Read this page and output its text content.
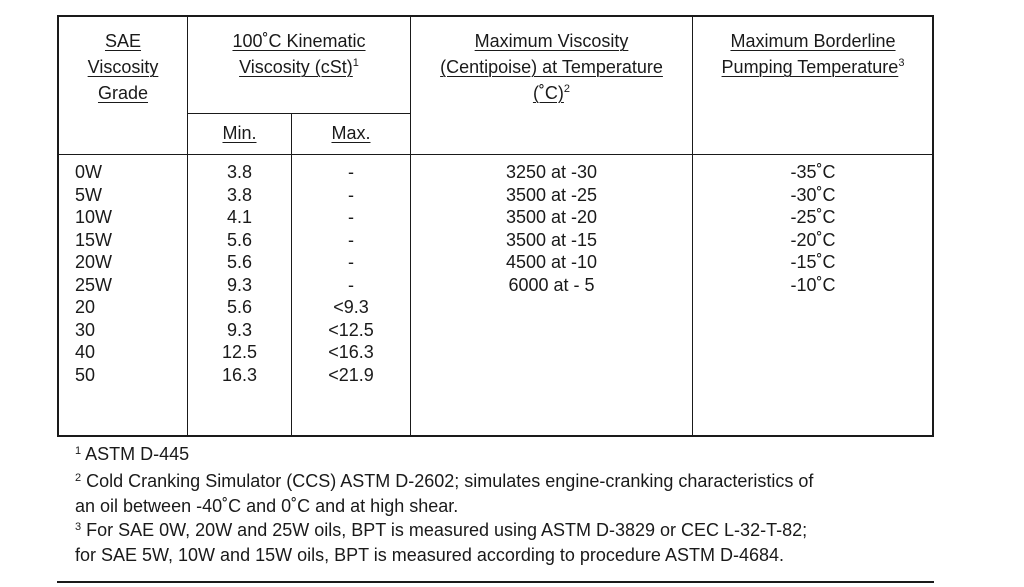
SAE
Viscosity
Grade
100˚C Kinematic
Viscosity (cSt)$^1$
Min.	Max.
Maximum Viscosity
(Centipoise) at Temperature
(˚C)$^2$
Maximum Borderline
Pumping Temperature$^3$
0W	3.8	-	3250 at -30	-35˚C
5W	3.8	-	3500 at -25	-30˚C
10W	4.1	-	3500 at -20	-25˚C
15W	5.6	-	3500 at -15	-20˚C
20W	5.6	-	4500 at -10	-15˚C
25W	9.3	-	6000 at - 5	-10˚C
20	5.6	<9.3
30	9.3	<12.5
40	12.5	<16.3
50	16.3	<21.9
$^1$ ASTM D-445
$^2$ Cold Cranking Simulator (CCS) ASTM D-2602; simulates engine-cranking characteristics of
an oil between -40˚C and 0˚C and at high shear.
$^3$ For SAE 0W, 20W and 25W oils, BPT is measured using ASTM D-3829 or CEC L-32-T-82;
for SAE 5W, 10W and 15W oils, BPT is measured according to procedure ASTM D-4684.
